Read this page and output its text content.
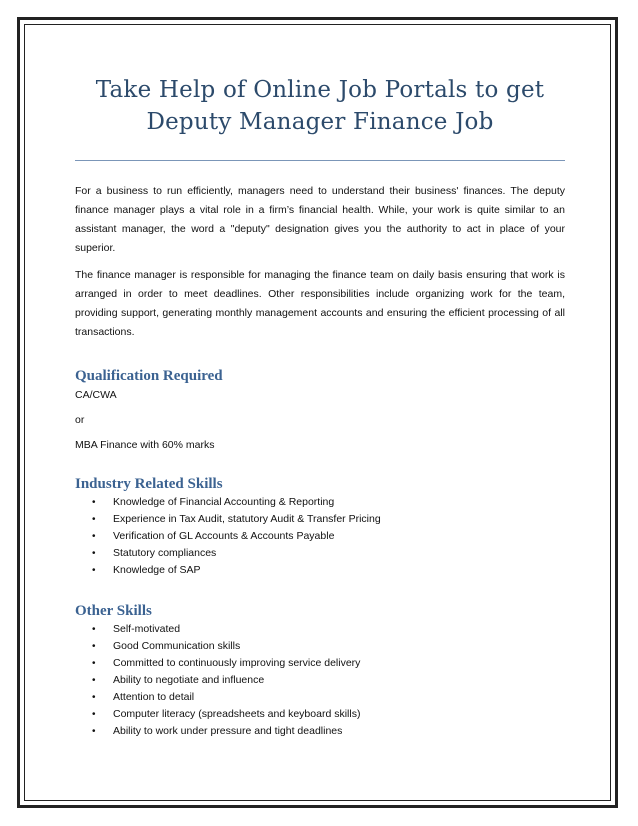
Take Help of Online Job Portals to get
Deputy Manager Finance Job

For a business to run efficiently, managers need to understand their business' finances. The deputy finance manager plays a vital role in a firm’s financial health. While, your work is quite similar to an assistant manager, the word a "deputy" designation gives you the authority to act in place of your superior.

The finance manager is responsible for managing the finance team on daily basis ensuring that work is arranged in order to meet deadlines. Other responsibilities include organizing work for the team, providing support, generating monthly management accounts and ensuring the efficient processing of all transactions.

Qualification Required

CA/CWA

or

MBA Finance with 60% marks

Industry Related Skills
• Knowledge of Financial Accounting & Reporting
• Experience in Tax Audit, statutory Audit & Transfer Pricing
• Verification of GL Accounts & Accounts Payable
• Statutory compliances
• Knowledge of SAP
Other Skills
• Self-motivated
• Good Communication skills
• Committed to continuously improving service delivery
• Ability to negotiate and influence
• Attention to detail
• Computer literacy (spreadsheets and keyboard skills)
• Ability to work under pressure and tight deadlines
